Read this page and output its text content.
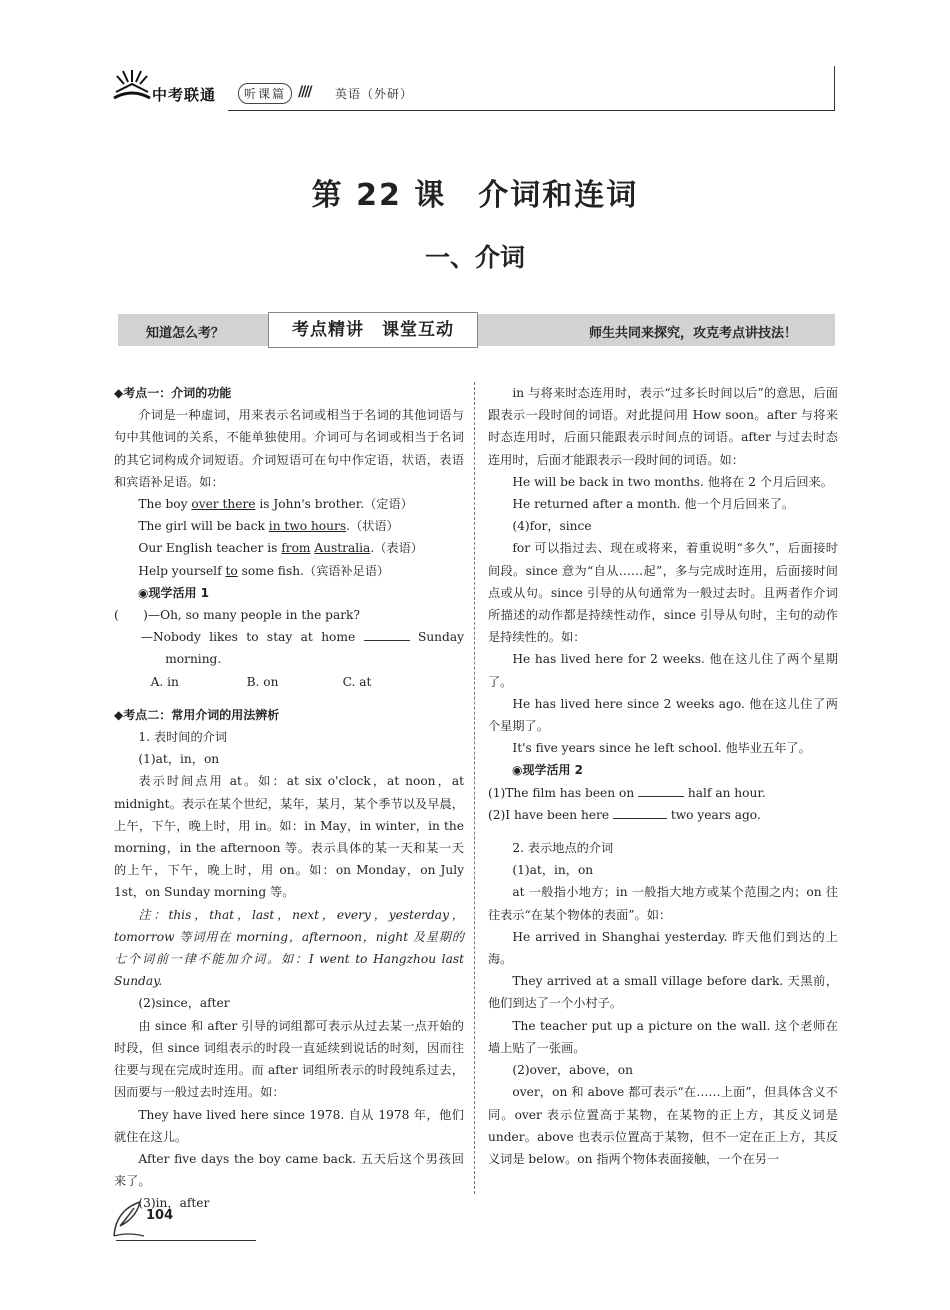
中考联通	听课篇 //// 英语（外研）
第 22 课　介词和连词
一、介词
知道怎么考？	考点精讲　课堂互动	师生共同来探究，攻克考点讲技法！

◆考点一：介词的功能

介词是一种虚词，用来表示名词或相当于名词的其他词语与句中其他词的关系，不能单独使用。介词可与名词或相当于名词的其它词构成介词短语。介词短语可在句中作定语，状语，表语和宾语补足语。如：

The boy over there is John's brother.（定语）

The girl will be back in two hours.（状语）

Our English teacher is from Australia.（表语）

Help yourself to some fish.（宾语补足语）

◉现学活用 1

(　　)—Oh, so many people in the park?

—Nobody likes to stay at home	Sunday

morning.

A. in	B. on	C. at

◆考点二：常用介词的用法辨析

1. 表时间的介词

(1)at，in，on

表示时间点用 at。如：at six o'clock，at noon，at midnight。表示在某个世纪，某年，某月，某个季节以及早晨，上午，下午，晚上时，用 in。如：in May，in winter，in the morning，in the afternoon 等。表示具体的某一天和某一天的上午，下午，晚上时，用 on。如：on Monday，on July 1st，on Sunday morning 等。

注：this，that，last，next，every，yesterday，tomorrow 等词用在 morning，afternoon，night 及星期的七个词前一律不能加介词。如：I went to Hangzhou last Sunday.

(2)since，after

由 since 和 after 引导的词组都可表示从过去某一点开始的时段，但 since 词组表示的时段一直延续到说话的时刻，因而往往要与现在完成时连用。而 after 词组所表示的时段纯系过去，因而要与一般过去时连用。如：

They have lived here since 1978. 自从 1978 年，他们就住在这儿。

After five days the boy came back. 五天后这个男孩回来了。

(3)in，after

in 与将来时态连用时，表示“过多长时间以后”的意思，后面跟表示一段时间的词语。对此提问用 How soon。after 与将来时态连用时，后面只能跟表示时间点的词语。after 与过去时态连用时，后面才能跟表示一段时间的词语。如：

He will be back in two months. 他将在 2 个月后回来。

He returned after a month. 他一个月后回来了。

(4)for，since

for 可以指过去、现在或将来，着重说明“多久”，后面接时间段。since 意为“自从……起”，多与完成时连用，后面接时间点或从句。since 引导的从句通常为一般过去时。且两者作介词所描述的动作都是持续性动作，since 引导从句时，主句的动作是持续性的。如：

He has lived here for 2 weeks. 他在这儿住了两个星期了。

He has lived here since 2 weeks ago. 他在这儿住了两个星期了。

It's five years since he left school. 他毕业五年了。

◉现学活用 2

(1)The film has been on	half an hour.

(2)I have been here	two years ago.

2. 表示地点的介词

(1)at，in，on

at 一般指小地方；in 一般指大地方或某个范围之内；on 往往表示“在某个物体的表面”。如：

He arrived in Shanghai yesterday. 昨天他们到达的上海。

They arrived at a small village before dark. 天黑前，他们到达了一个小村子。

The teacher put up a picture on the wall. 这个老师在墙上贴了一张画。

(2)over，above，on

over，on 和 above 都可表示“在……上面”，但具体含义不同。over 表示位置高于某物，在某物的正上方，其反义词是 under。above 也表示位置高于某物，但不一定在正上方，其反义词是 below。on 指两个物体表面接触，一个在另一

104
